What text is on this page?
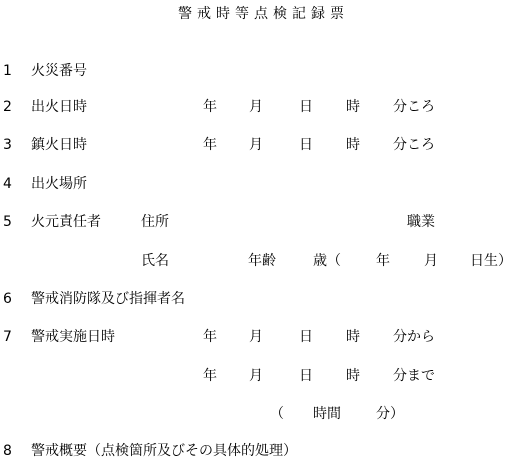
警戒時等点検記録票
1 火災番号
2 出火日時	年 月	日 時 分ころ
3 鎮火日時	年 月	日 時 分ころ
4 出火場所
5 火元責任者	住所	職業
氏名	年齢	歳（	年 月 日生）
6 警戒消防隊及び指揮者名
7 警戒実施日時	年 月	日 時 分から
年 月	日 時 分まで
（ 時間	分）
8 警戒概要（点検箇所及びその具体的処理）
